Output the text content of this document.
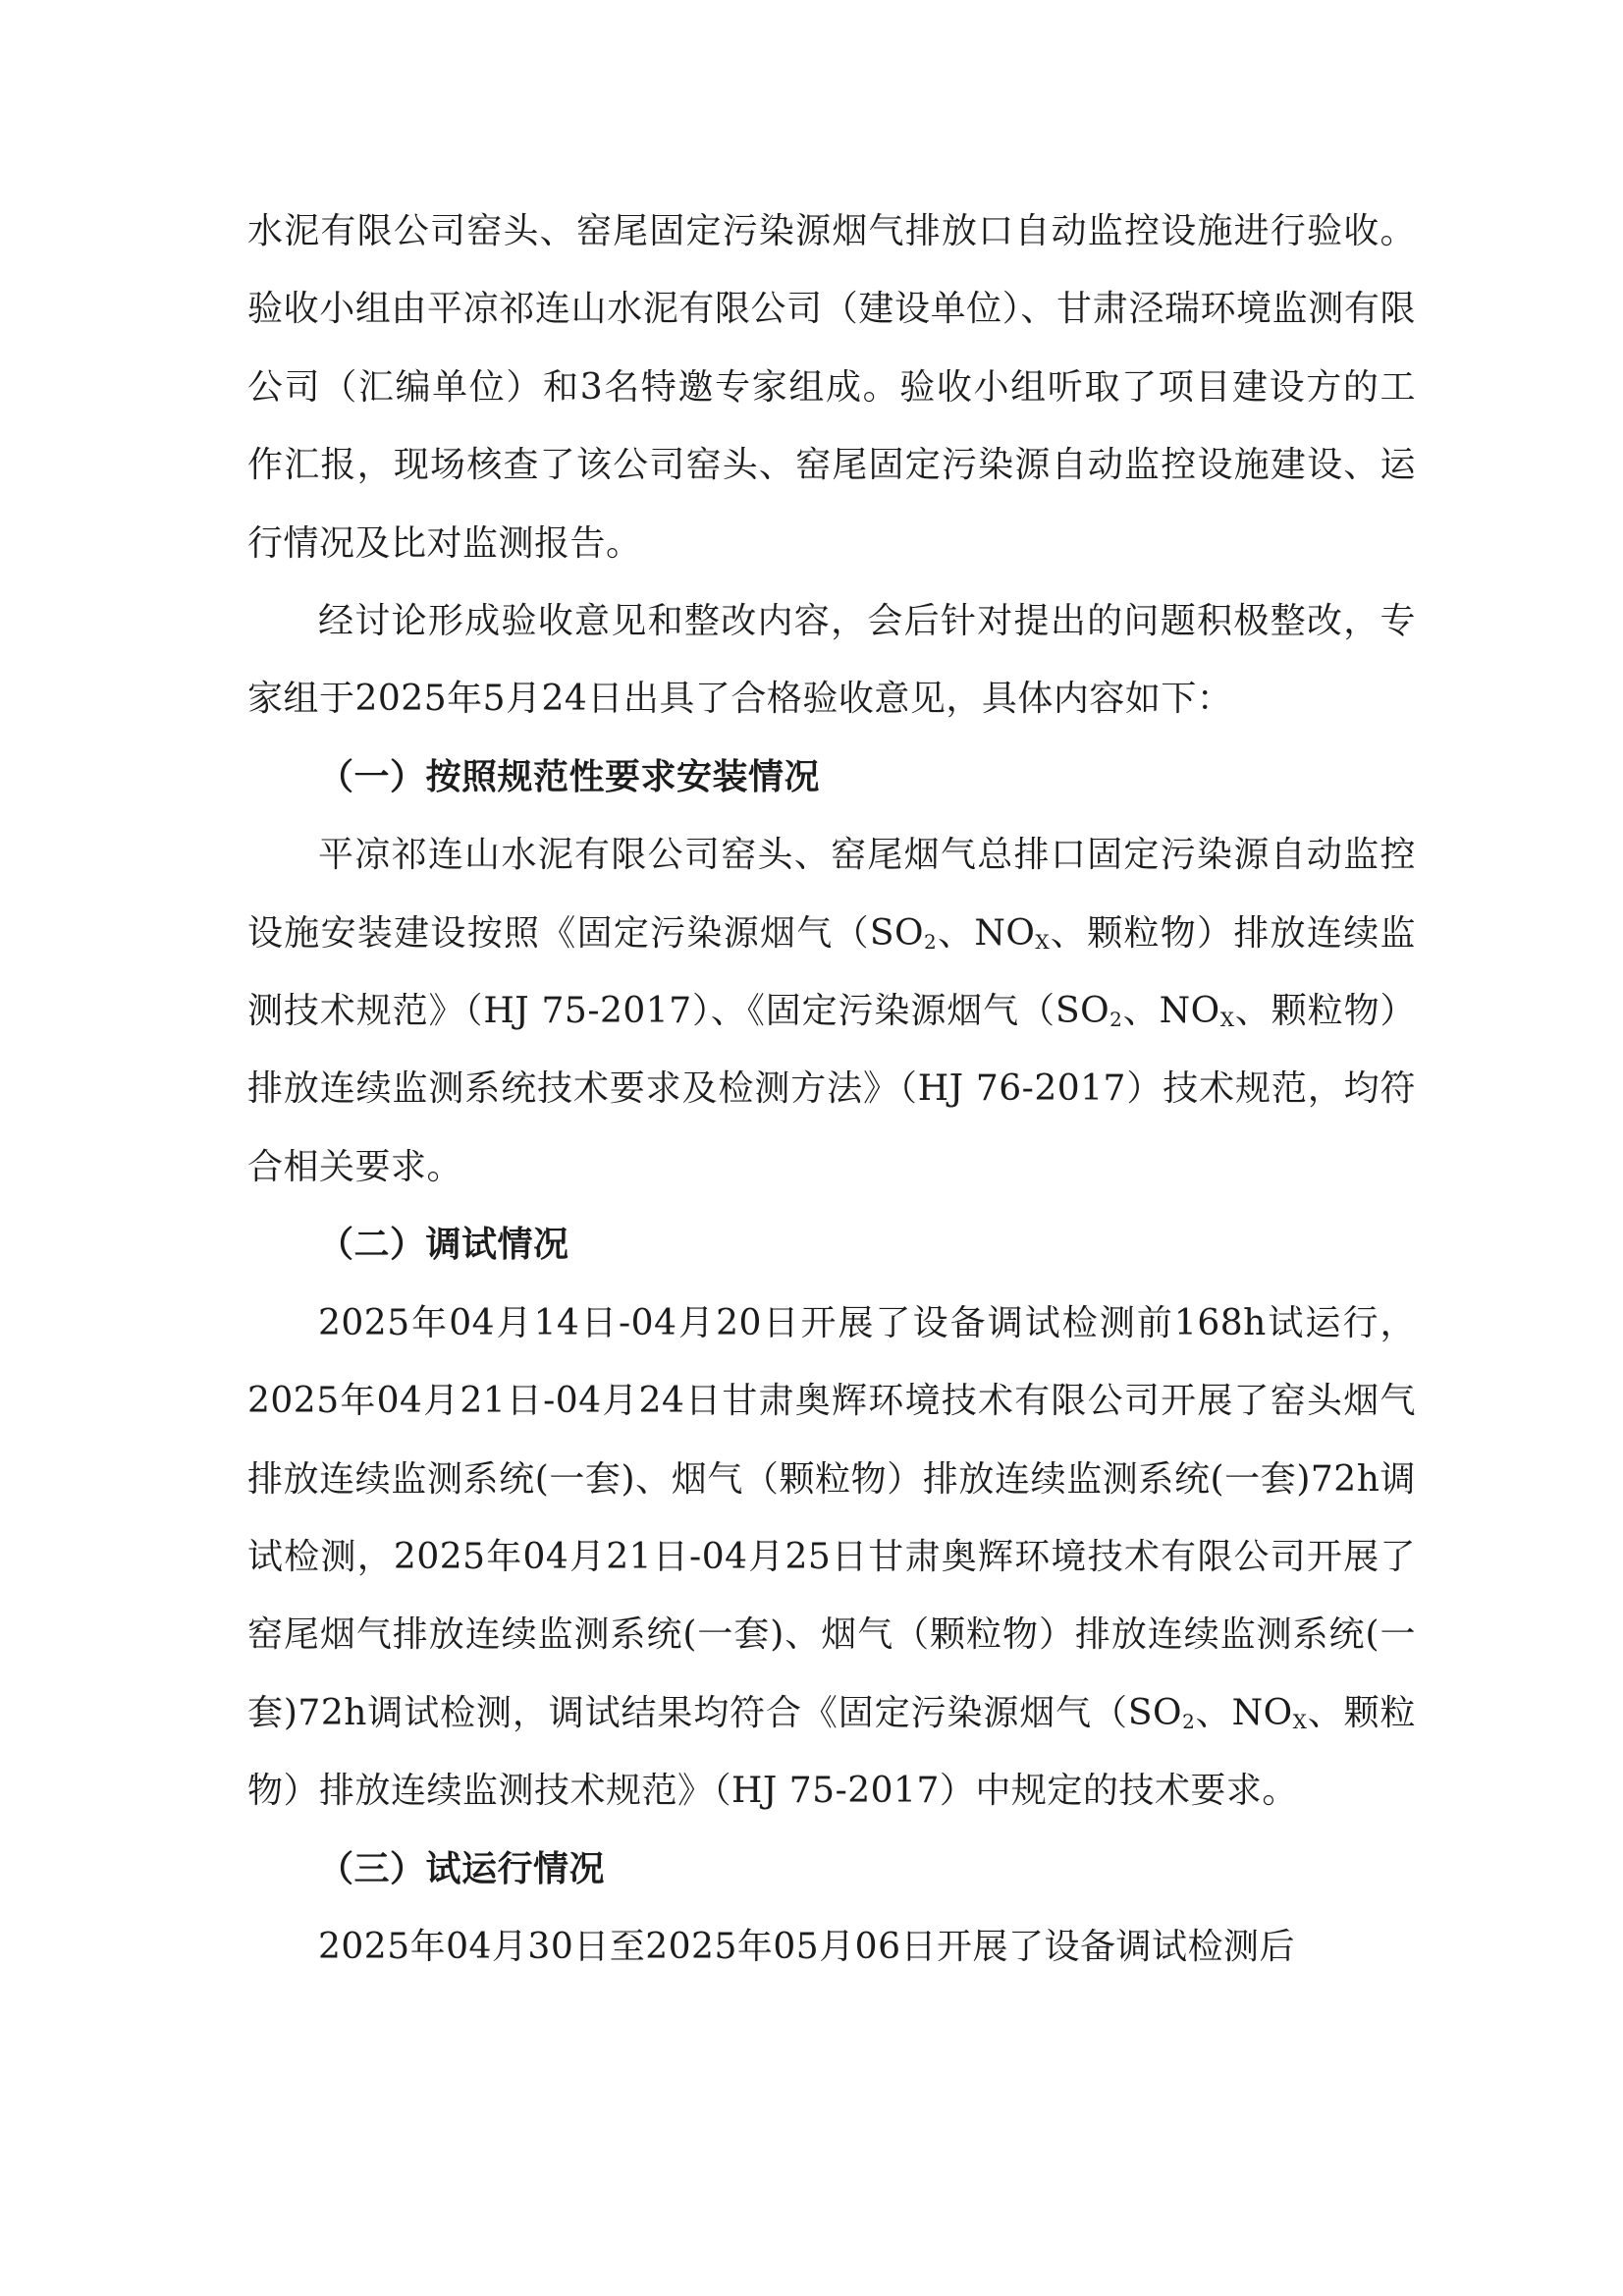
水泥有限公司窑头、窑尾固定污染源烟气排放口自动监控设施进行验收。验收小组由平凉祁连山水泥有限公司（建设单位）、甘肃泾瑞环境监测有限公司（汇编单位）和3名特邀专家组成。验收小组听取了项目建设方的工作汇报，现场核查了该公司窑头、窑尾固定污染源自动监控设施建设、运行情况及比对监测报告。

经讨论形成验收意见和整改内容，会后针对提出的问题积极整改，专家组于2025年5月24日出具了合格验收意见，具体内容如下：

（一）按照规范性要求安装情况

平凉祁连山水泥有限公司窑头、窑尾烟气总排口固定污染源自动监控设施安装建设按照《固定污染源烟气（$SO_2$、$NO_X$、颗粒物）排放连续监测技术规范》（HJ 75-2017）、《固定污染源烟气（$SO_2$、$NO_X$、颗粒物）排放连续监测系统技术要求及检测方法》（HJ 76-2017）技术规范，均符合相关要求。

（二）调试情况

2025年04月14日-04月20日开展了设备调试检测前168h试运行，2025年04月21日-04月24日甘肃奥辉环境技术有限公司开展了窑头烟气排放连续监测系统(一套)、烟气（颗粒物）排放连续监测系统(一套)72h调试检测，2025年04月21日-04月25日甘肃奥辉环境技术有限公司开展了窑尾烟气排放连续监测系统(一套)、烟气（颗粒物）排放连续监测系统(一套)72h调试检测，调试结果均符合《固定污染源烟气（$SO_2$、$NO_X$、颗粒物）排放连续监测技术规范》（HJ 75-2017）中规定的技术要求。

（三）试运行情况

2025年04月30日至2025年05月06日开展了设备调试检测后
